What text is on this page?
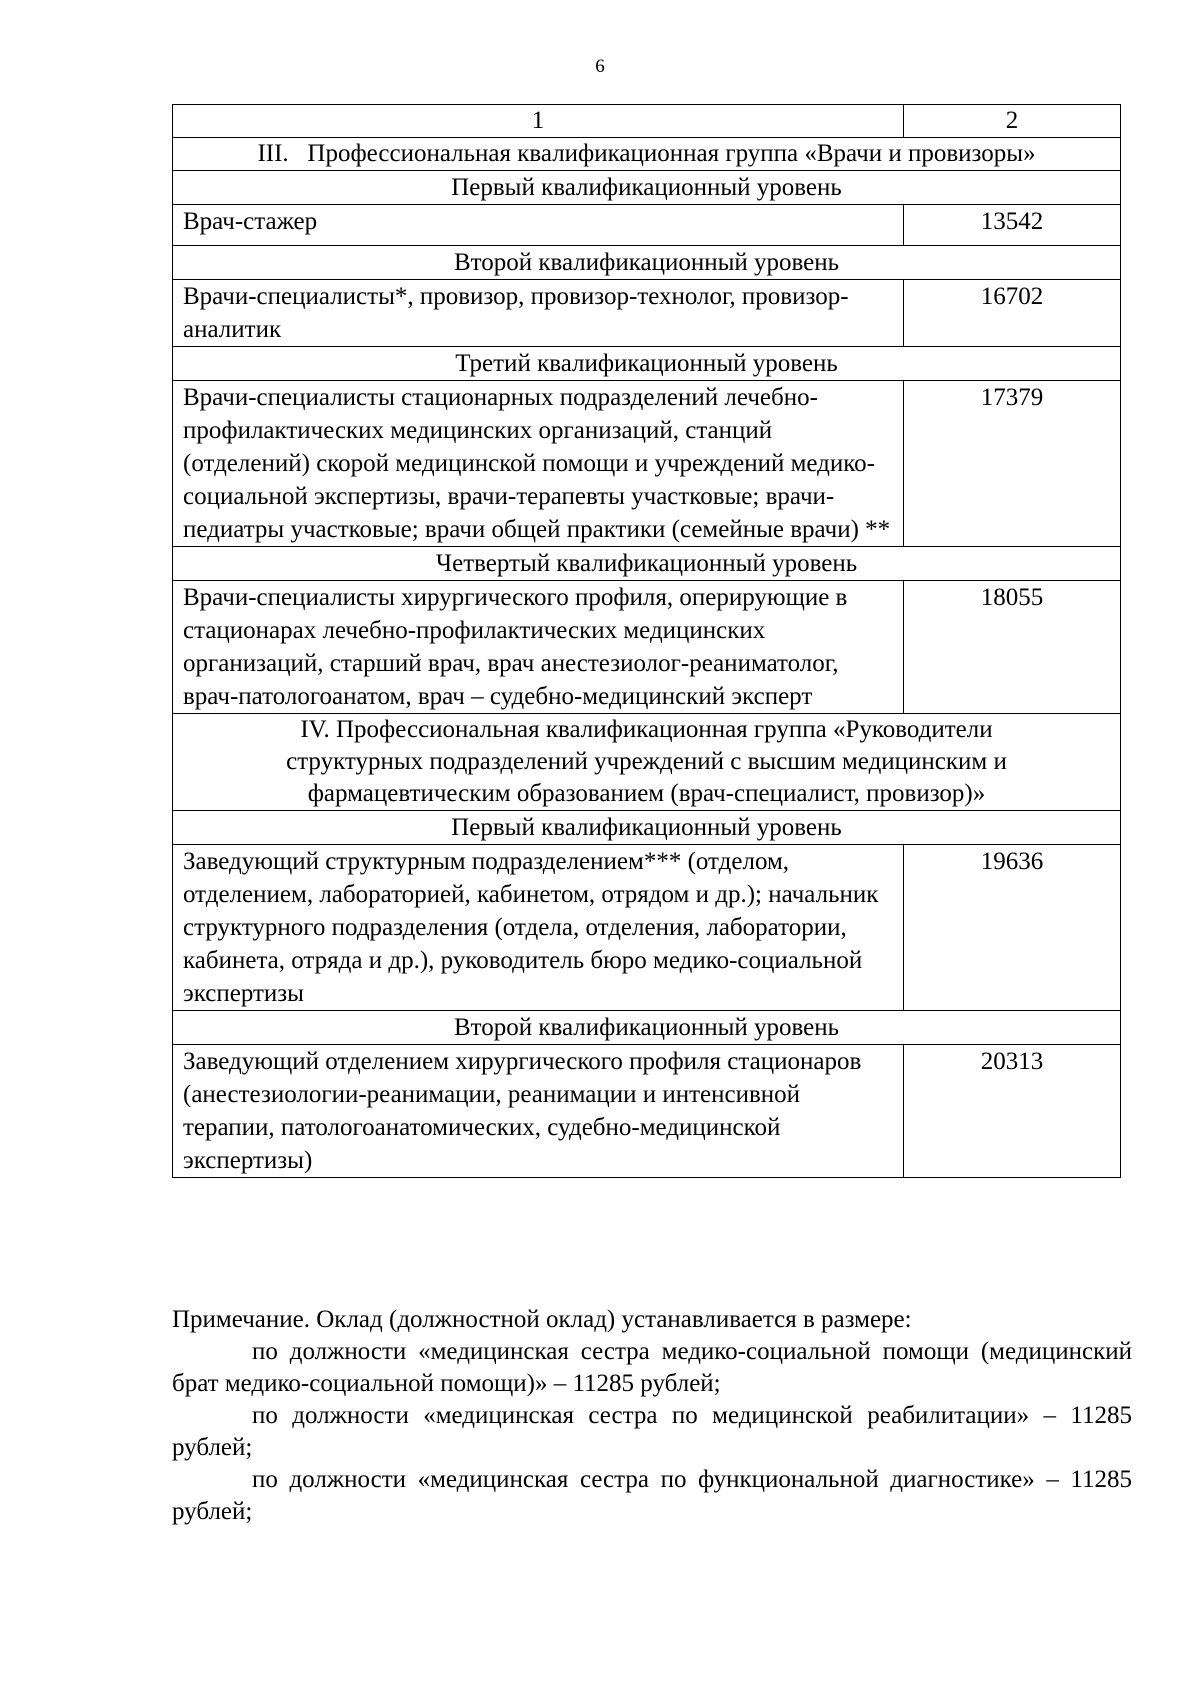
6
1	2
III.   Профессиональная квалификационная группа «Врачи и провизоры»	
Первый квалификационный уровень	
Врач-стажер	13542
Второй квалификационный уровень	
Врачи-специалисты*, провизор, провизор-технолог, провизор-аналитик	16702
Третий квалификационный уровень	
Врачи-специалисты стационарных подразделений лечебно-профилактических медицинских организаций, станций (отделений) скорой медицинской помощи и учреждений медико-социальной экспертизы, врачи-терапевты участковые; врачи-педиатры участковые; врачи общей практики (семейные врачи) **	17379
Четвертый квалификационный уровень	
Врачи-специалисты хирургического профиля, оперирующие в стационарах лечебно-профилактических медицинских организаций, старший врач, врач анестезиолог-реаниматолог, врач-патологоанатом, врач – судебно-медицинский эксперт	18055
IV. Профессиональная квалификационная группа «Руководители структурных подразделений учреждений с высшим медицинским и фармацевтическим образованием (врач-специалист, провизор)»	
Первый квалификационный уровень	
Заведующий структурным подразделением*** (отделом, отделением, лабораторией, кабинетом, отрядом и др.); начальник структурного подразделения (отдела, отделения, лаборатории, кабинета, отряда и др.), руководитель бюро медико-социальной экспертизы	19636
Второй квалификационный уровень	
Заведующий отделением хирургического профиля стационаров (анестезиологии-реанимации, реанимации и интенсивной терапии, патологоанатомических, судебно-медицинской экспертизы)	20313

Примечание. Оклад (должностной оклад) устанавливается в размере:

по должности «медицинская сестра медико-социальной помощи (медицинский брат медико-социальной помощи)» – 11285 рублей;

по должности «медицинская сестра по медицинской реабилитации» – 11285 рублей;

по должности «медицинская сестра по функциональной диагностике» – 11285 рублей;
